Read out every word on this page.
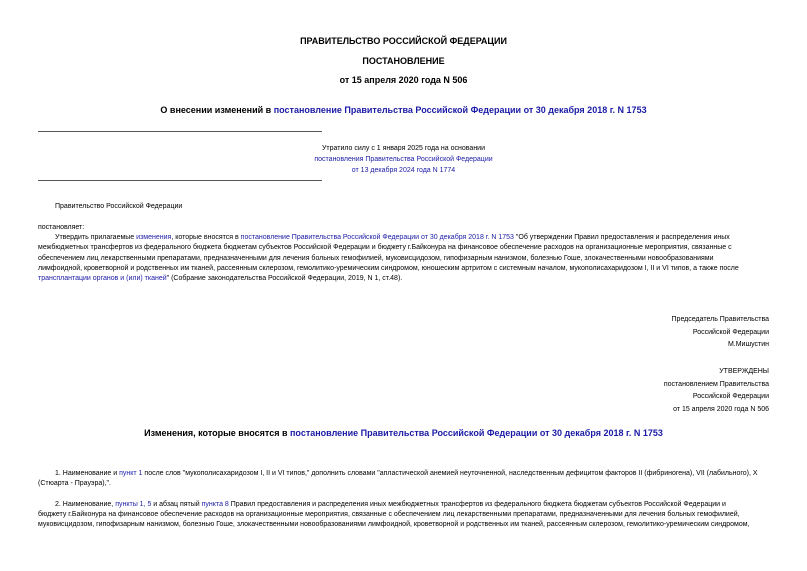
ПРАВИТЕЛЬСТВО РОССИЙСКОЙ ФЕДЕРАЦИИ
ПОСТАНОВЛЕНИЕ
от 15 апреля 2020 года N 506
О внесении изменений в постановление Правительства Российской Федерации от 30 декабря 2018 г. N 1753
Утратило силу с 1 января 2025 года на основании
постановления Правительства Российской Федерации
от 13 декабря 2024 года N 1774
Правительство Российской Федерации
постановляет:
Утвердить прилагаемые изменения, которые вносятся в постановление Правительства Российской Федерации от 30 декабря 2018 г. N 1753 "Об утверждении Правил предоставления и распределения иных
межбюджетных трансфертов из федерального бюджета бюджетам субъектов Российской Федерации и бюджету г.Байконура на финансовое обеспечение расходов на организационные мероприятия, связанные с
обеспечением лиц лекарственными препаратами, предназначенными для лечения больных гемофилией, муковисцидозом, гипофизарным нанизмом, болезнью Гоше, злокачественными новообразованиями
лимфоидной, кроветворной и родственных им тканей, рассеянным склерозом, гемолитико-уремическим синдромом, юношеским артритом с системным началом, мукополисахаридозом I, II и VI типов, а также после
трансплантации органов и (или) тканей" (Собрание законодательства Российской Федерации, 2019, N 1, ст.48).
Председатель Правительства
Российской Федерации
М.Мишустин
УТВЕРЖДЕНЫ
постановлением Правительства
Российской Федерации
от 15 апреля 2020 года N 506
Изменения, которые вносятся в постановление Правительства Российской Федерации от 30 декабря 2018 г. N 1753
1. Наименование и пункт 1 после слов "мукополисахаридозом I, II и VI типов," дополнить словами "апластической анемией неуточненной, наследственным дефицитом факторов II (фибриногена), VII (лабильного), X
(Стюарта - Прауэра),".
2. Наименование, пункты 1, 5 и абзац пятый пункта 8 Правил предоставления и распределения иных межбюджетных трансфертов из федерального бюджета бюджетам субъектов Российской Федерации и
бюджету г.Байконура на финансовое обеспечение расходов на организационные мероприятия, связанные с обеспечением лиц лекарственными препаратами, предназначенными для лечения больных гемофилией,
муковисцидозом, гипофизарным нанизмом, болезнью Гоше, злокачественными новообразованиями лимфоидной, кроветворной и родственных им тканей, рассеянным склерозом, гемолитико-уремическим синдромом,
